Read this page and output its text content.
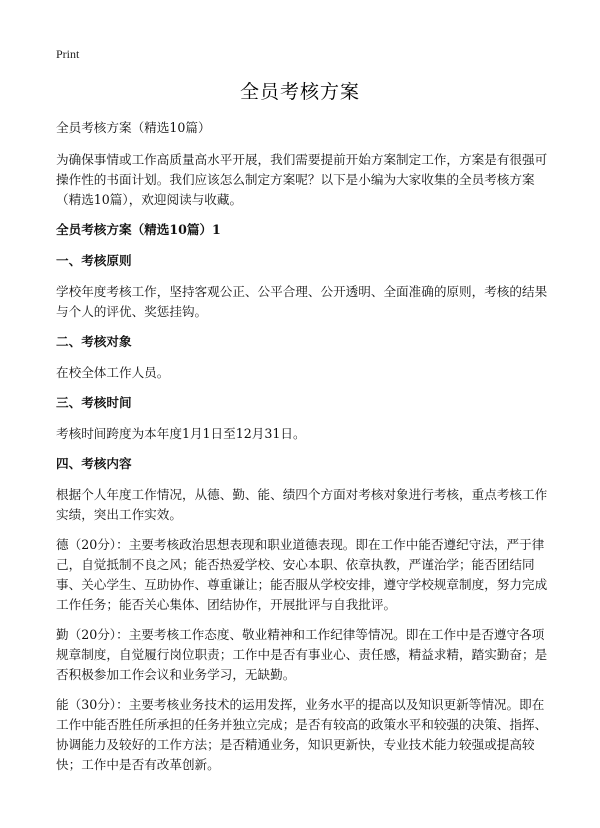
Print
全员考核方案

全员考核方案（精选10篇）

为确保事情或工作高质量高水平开展，我们需要提前开始方案制定工作，方案是有很强可操作性的书面计划。我们应该怎么制定方案呢？以下是小编为大家收集的全员考核方案（精选10篇），欢迎阅读与收藏。

全员考核方案（精选10篇）1
一、考核原则

学校年度考核工作，坚持客观公正、公平合理、公开透明、全面准确的原则，考核的结果与个人的评优、奖惩挂钩。

二、考核对象

在校全体工作人员。

三、考核时间

考核时间跨度为本年度1月1日至12月31日。

四、考核内容

根据个人年度工作情况，从德、勤、能、绩四个方面对考核对象进行考核，重点考核工作实绩，突出工作实效。

德（20分）：主要考核政治思想表现和职业道德表现。即在工作中能否遵纪守法，严于律己，自觉抵制不良之风；能否热爱学校、安心本职、依章执教，严谨治学；能否团结同事、关心学生、互助协作、尊重谦让；能否服从学校安排，遵守学校规章制度，努力完成工作任务；能否关心集体、团结协作，开展批评与自我批评。

勤（20分）：主要考核工作态度、敬业精神和工作纪律等情况。即在工作中是否遵守各项规章制度，自觉履行岗位职责；工作中是否有事业心、责任感，精益求精，踏实勤奋；是否积极参加工作会议和业务学习，无缺勤。

能（30分）：主要考核业务技术的运用发挥，业务水平的提高以及知识更新等情况。即在工作中能否胜任所承担的任务并独立完成；是否有较高的政策水平和较强的决策、指挥、协调能力及较好的工作方法；是否精通业务，知识更新快，专业技术能力较强或提高较快；工作中是否有改革创新。
